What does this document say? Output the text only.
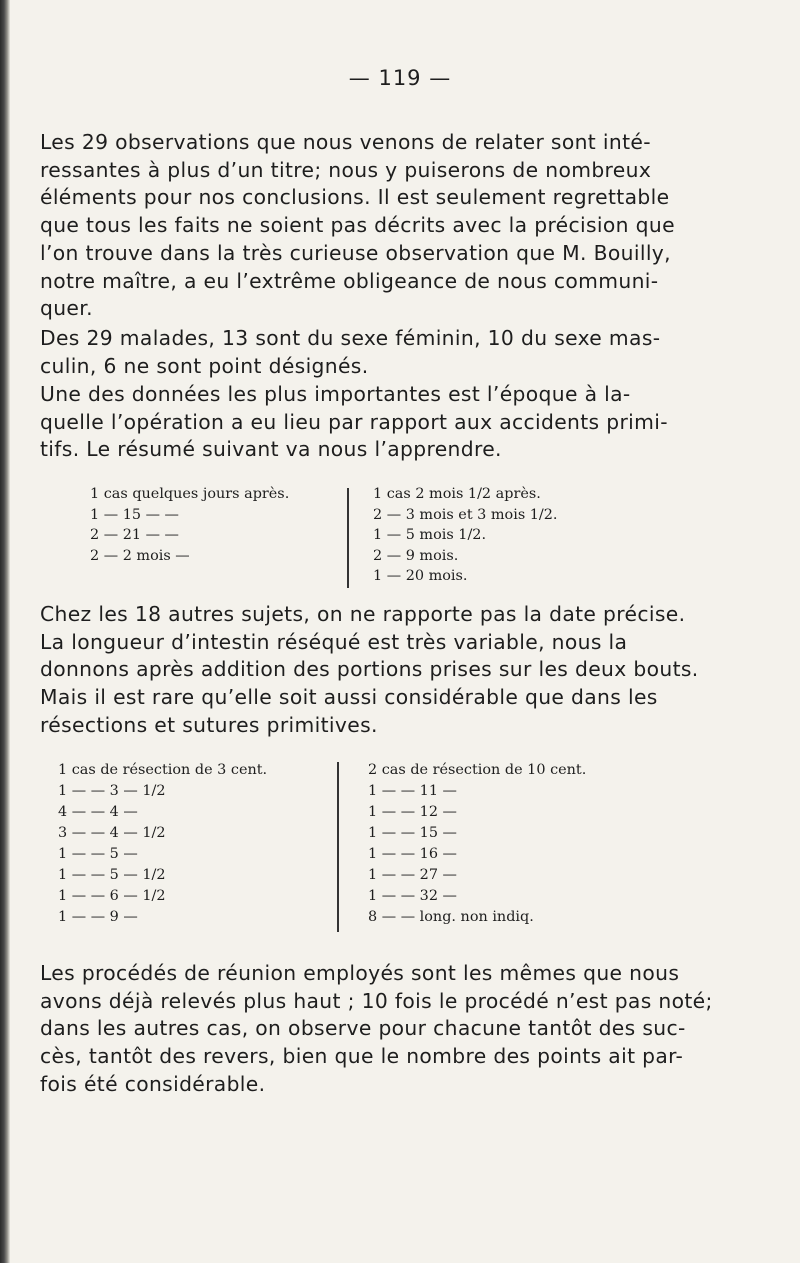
— 119 —
Les 29 observations que nous venons de relater sont inté-
ressantes à plus d’un titre; nous y puiserons de nombreux
éléments pour nos conclusions. Il est seulement regrettable
que tous les faits ne soient pas décrits avec la précision que
l’on trouve dans la très curieuse observation que M. Bouilly,
notre maître, a eu l’extrême obligeance de nous communi-
quer.
Des 29 malades, 13 sont du sexe féminin, 10 du sexe mas-
culin, 6 ne sont point désignés.
Une des données les plus importantes est l’époque à la-
quelle l’opération a eu lieu par rapport aux accidents primi-
tifs. Le résumé suivant va nous l’apprendre.
1 cas quelques jours après.
1 — 15 — —
2 — 21 — —
2 — 2 mois —
1 cas 2 mois 1/2 après.
2 — 3 mois et 3 mois 1/2.
1 — 5 mois 1/2.
2 — 9 mois.
1 — 20 mois.
Chez les 18 autres sujets, on ne rapporte pas la date précise.
La longueur d’intestin réséqué est très variable, nous la
donnons après addition des portions prises sur les deux bouts.
Mais il est rare qu’elle soit aussi considérable que dans les
résections et sutures primitives.
1 cas de résection de 3 cent.
1 — — 3 — 1/2
4 — — 4 —
3 — — 4 — 1/2
1 — — 5 —
1 — — 5 — 1/2
1 — — 6 — 1/2
1 — — 9 —
2 cas de résection de 10 cent.
1 — — 11 —
1 — — 12 —
1 — — 15 —
1 — — 16 —
1 — — 27 —
1 — — 32 —
8 — — long. non indiq.
Les procédés de réunion employés sont les mêmes que nous
avons déjà relevés plus haut ; 10 fois le procédé n’est pas noté;
dans les autres cas, on observe pour chacune tantôt des suc-
cès, tantôt des revers, bien que le nombre des points ait par-
fois été considérable.
